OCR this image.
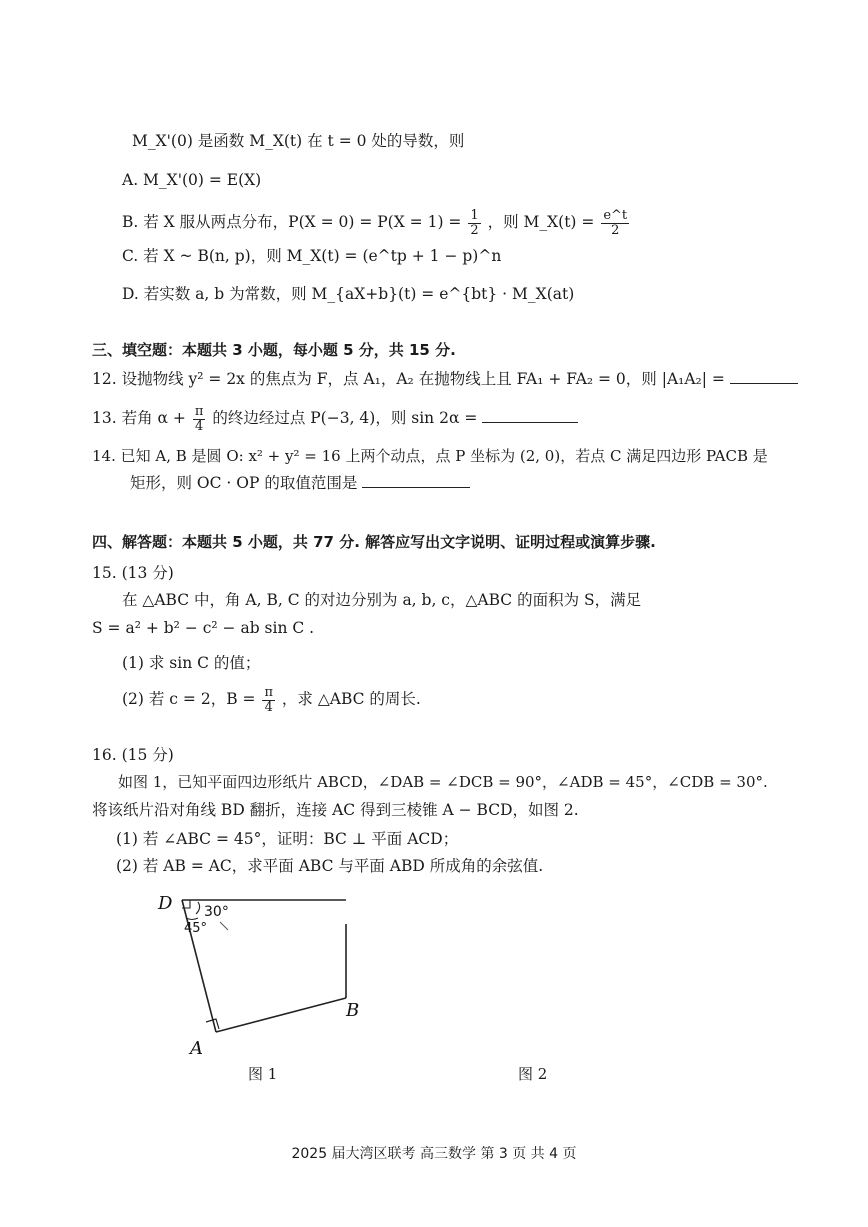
M_X'(0) 是函数 M_X(t) 在 t = 0 处的导数，则
A. M_X'(0) = E(X)
B. 若 X 服从两点分布，$P(X = 0) = P(X = 1) = \frac{1}{2}$ ，则 M_X(t) = $\frac{e\^{}t}{2}$
C. 若 X ~ B(n, p)，则 M_X(t) = (e^tp + 1 − p)^n
D. 若实数 a, b 为常数，则 M_{aX+b}(t) = e^{bt} · M_X(at)
三、填空题：本题共 3 小题，每小题 5 分，共 15 分.
12. 设抛物线 y² = 2x 的焦点为 F，点 A₁，A₂ 在抛物线上且 FA₁ + FA₂ = 0，则 |A₁A₂| =
13. 若角 $\alpha + \frac{\pi}{4}$ 的终边经过点 P(−3, 4)，则 sin 2α =
14. 已知 A, B 是圆 O: x² + y² = 16 上两个动点，点 P 坐标为 (2, 0)，若点 C 满足四边形 PACB 是
矩形，则 OC · OP 的取值范围是
四、解答题：本题共 5 小题，共 77 分. 解答应写出文字说明、证明过程或演算步骤.
15. (13 分)
在 △ABC 中，角 A, B, C 的对边分别为 a, b, c，△ABC 的面积为 S，满足
S = a² + b² − c² − ab sin C .
(1) 求 sin C 的值；
(2) 若 c = 2，$B = \frac{\pi}{4}$ ，求 △ABC 的周长.
16. (15 分)
如图 1，已知平面四边形纸片 ABCD，∠DAB = ∠DCB = 90°，∠ADB = 45°，∠CDB = 30°.
将该纸片沿对角线 BD 翻折，连接 AC 得到三棱锥 A − BCD，如图 2.
(1) 若 ∠ABC = 45°，证明：BC ⊥ 平面 ACD；
(2) 若 AB = AC，求平面 ABC 与平面 ABD 所成角的余弦值.
D 30°
45°
B
A
图 1	图 2
2025 届大湾区联考 高三数学 第 3 页 共 4 页
